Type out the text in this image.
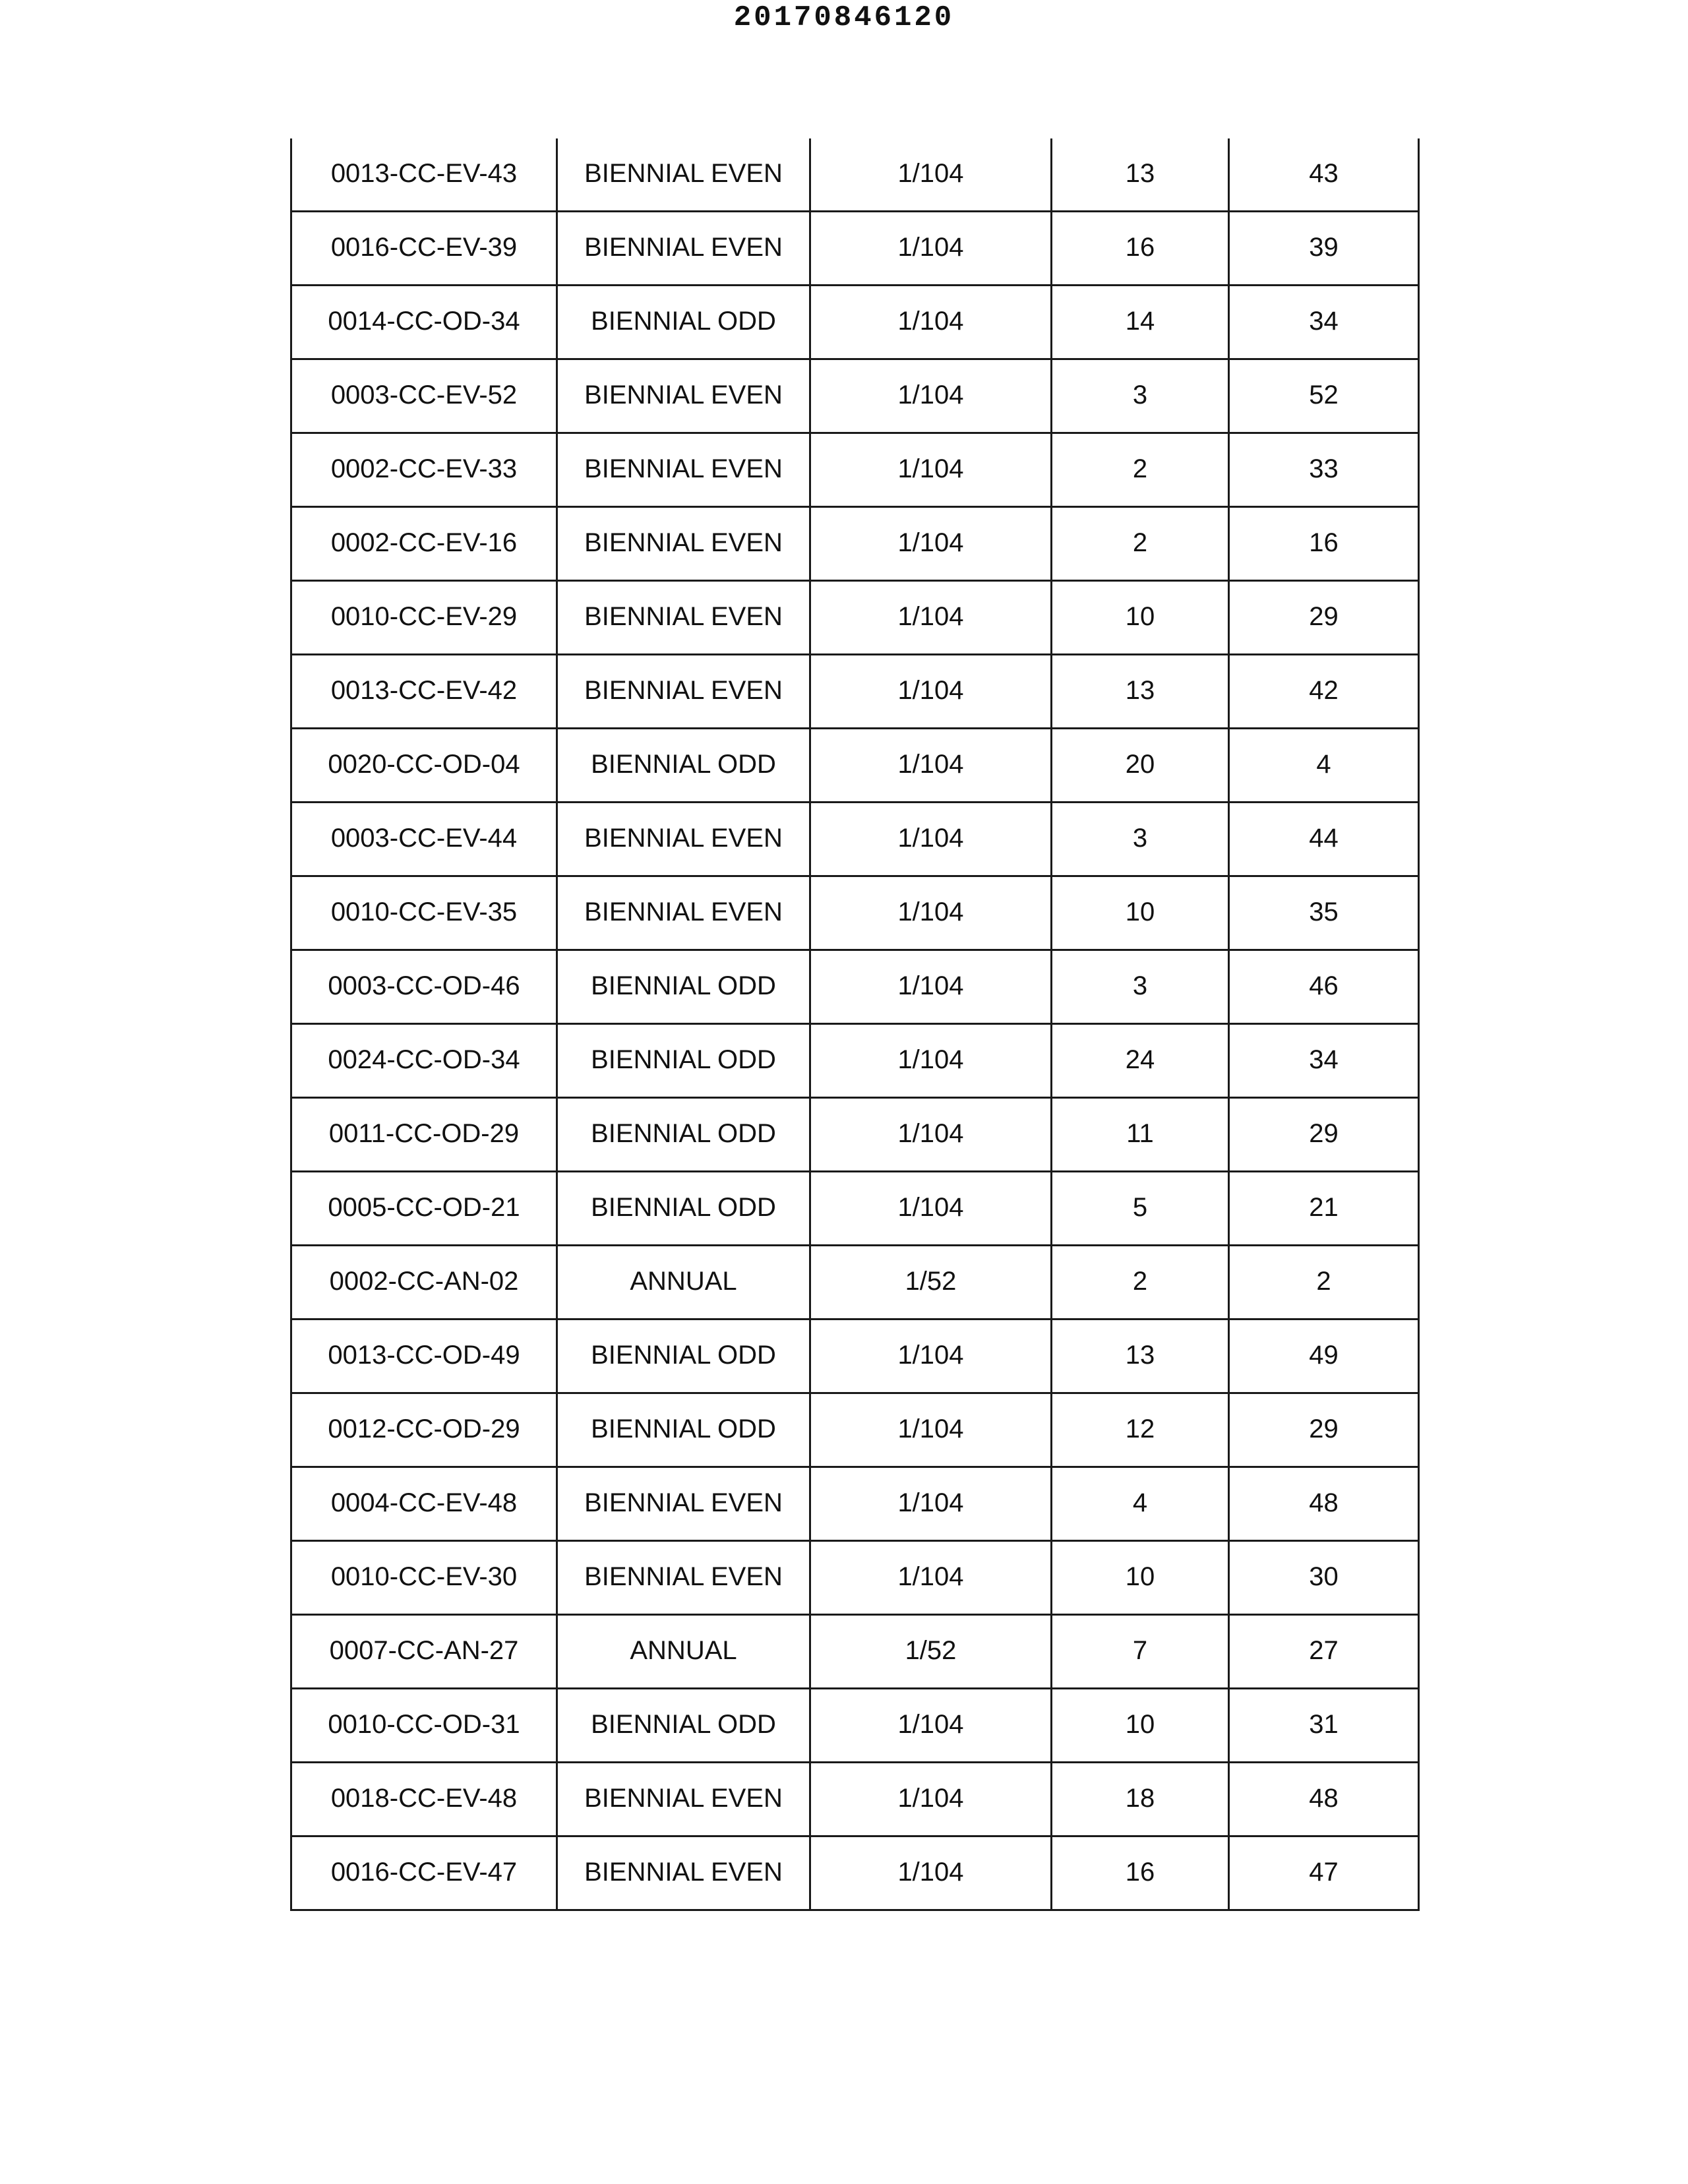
20170846120
0013-CC-EV-43	BIENNIAL EVEN	1/104	13	43
0016-CC-EV-39	BIENNIAL EVEN	1/104	16	39
0014-CC-OD-34	BIENNIAL ODD	1/104	14	34
0003-CC-EV-52	BIENNIAL EVEN	1/104	3	52
0002-CC-EV-33	BIENNIAL EVEN	1/104	2	33
0002-CC-EV-16	BIENNIAL EVEN	1/104	2	16
0010-CC-EV-29	BIENNIAL EVEN	1/104	10	29
0013-CC-EV-42	BIENNIAL EVEN	1/104	13	42
0020-CC-OD-04	BIENNIAL ODD	1/104	20	4
0003-CC-EV-44	BIENNIAL EVEN	1/104	3	44
0010-CC-EV-35	BIENNIAL EVEN	1/104	10	35
0003-CC-OD-46	BIENNIAL ODD	1/104	3	46
0024-CC-OD-34	BIENNIAL ODD	1/104	24	34
0011-CC-OD-29	BIENNIAL ODD	1/104	11	29
0005-CC-OD-21	BIENNIAL ODD	1/104	5	21
0002-CC-AN-02	ANNUAL	1/52	2	2
0013-CC-OD-49	BIENNIAL ODD	1/104	13	49
0012-CC-OD-29	BIENNIAL ODD	1/104	12	29
0004-CC-EV-48	BIENNIAL EVEN	1/104	4	48
0010-CC-EV-30	BIENNIAL EVEN	1/104	10	30
0007-CC-AN-27	ANNUAL	1/52	7	27
0010-CC-OD-31	BIENNIAL ODD	1/104	10	31
0018-CC-EV-48	BIENNIAL EVEN	1/104	18	48
0016-CC-EV-47	BIENNIAL EVEN	1/104	16	47
